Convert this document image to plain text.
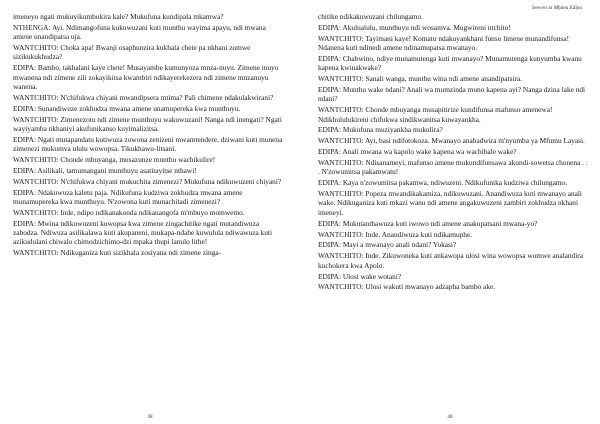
imeneyo ngati mukuyikumbukira kale? Mukufuna kundipala mkamwa?

NTHENGA: Ayi. Ndimangofuna kukuwuzani kuti munthu wayima apayu, ndi mwana amene unandipatsa uja.

WANTCHITO: Choka apa! Bwanji osaphunzira kukhala chete pa nkhani zomwe sizikukukhudza?

EDIPA: Bambo, takhalani kaye chete! Musayambe kumunyoza mnza-nuyu. Zimene inuyo mwanena ndi zimene zili zokayikitsa kwambiri ndikayerekezera ndi zimene mnzanuyu wanena.

WANTCHITO: N'chifukwa chiyani mwandipsera mtima? Pali chimene ndakulakwirani?

EDIPA: Sunandiwuze zokhudza mwana amene unamupereka kwa munthuyu.

WANTCHITO: Zimenezotu ndi zimene munthuyu wakuwuzani! Nanga ndi inengati? Ngati wayiyamba nkhaniyi akufunikanso kuyimalizitsa.

EDIPA: Ngati mutapandatu kutiwuza zowona zenizeni mwamtendere, dziwani kuti munena zimenezi mukumva ululu wowopsa. Tikukhawu-litsani.

WANTCHITO: Chonde mbuyanga, musazunze munthu wachikulire!

EDIPA: Asilikali, tamumangani munthuyu asatitayitse nthawi!

WANTCHITO: N'chifukwa chiyani mukuchita zimenezi? Mukufuna ndikuwuzeni chiyani?

EDIPA: Ndakuwuza kaletu paja. Ndikufuna kudziwa zokhudza mwana amene munamupereka kwa munthuyu. N'zowona kuti munachitadi zimenezi?

WANTCHITO: Inde, ndipo ndikanakonda ndikanangofa m'mbuyo momwemo.

EDIPA: Mwina ndikuwuzeni kuwopsa kwa zimene zingachitike ngati mutandiwuza zabodza. Ndiwuza asilikalawa kuti akupaneni, mukapa-ndabe kuwulula ndiwawuza kuti azikudulani chiwalo chimodzichimo-dzi mpaka thupi lanulo lithe!

WANTCHITO: Ndikuganiza kuti sizikhala zosiyana ndi zimene zinga-

38
Sewero la Mfumu Edipa

chitike ndikakuwuzani chilungamo.

EDIPA: Akulualulu, munthuyu ndi wosamva. Mugwireni ntchito!

WANTCHITO: Tayimani kaye! Komatu ndakuyankhani funso limene munandifunsa! Ndanena kuti ndinedi amene ndinamupatsa mwanayo.

EDIPA: Chabwino, ndiye munamutenga kuti mwanayo? Munamutenga kunyumba kwanu kapena kwinakwake?

WANTCHITO: Sanali wanga, munthu wina ndi amene anandipatsira.

EDIPA: Munthu wake ndani? Anali wa mumzinda muno kapena ayi? Nanga dzina lake ndi ndani?

WANTCHITO: Chonde mbuyanga musapitirize kundifunsa mafunso amenewa! Ndikhululukireni chifukwa sindikwanitsa kuwayankha.

EDIPA: Mukufuna muziyankha mukulira?

WANTCHITO: Ayi, basi ndifotokoza. Mwanayo anabadwira m'nyumba ya Mfumu Layasi.

EDIPA: Anali mwana wa kapolo wake kapena wa wachibale wake?

WANTCHITO: Ndisanameyi, mafunso amene mukundifunsawa akundi-sowetsa chonena . . . N'zowumitsa pakamwatu!

EDIPA: Kaya n'zowumitsa pakamwa, ndiwuzeni. Ndikufunika kudziwa chilungamo.

WANTCHITO: Popeza mwandikakamiza, ndikuwuzani. Anandiwuza kuti mwanayo anali wake. Ndikuganiza kuti mkazi wanu ndi amene angakuwuzeni zambiri zokhudza nkhani imeneyi.

EDIPA: Mukutanthawuza kuti iwowo ndi amene anakupatsani mwana-yo?

WANTCHITO: Inde. Anandiwuza kuti ndikamuphe.

EDIPA: Mayi a mwanayo anali ndani? Yokasi?

WANTCHITO: Inde. Zikuwoneka kuti ankawopa ulosi wina wowopsa womwe analandira kuchokera kwa Apolo.

EDIPA: Ulosi wake wotani?

WANTCHITO: Ulosi wakuti mwanayo adzapha bambo ake.

40
